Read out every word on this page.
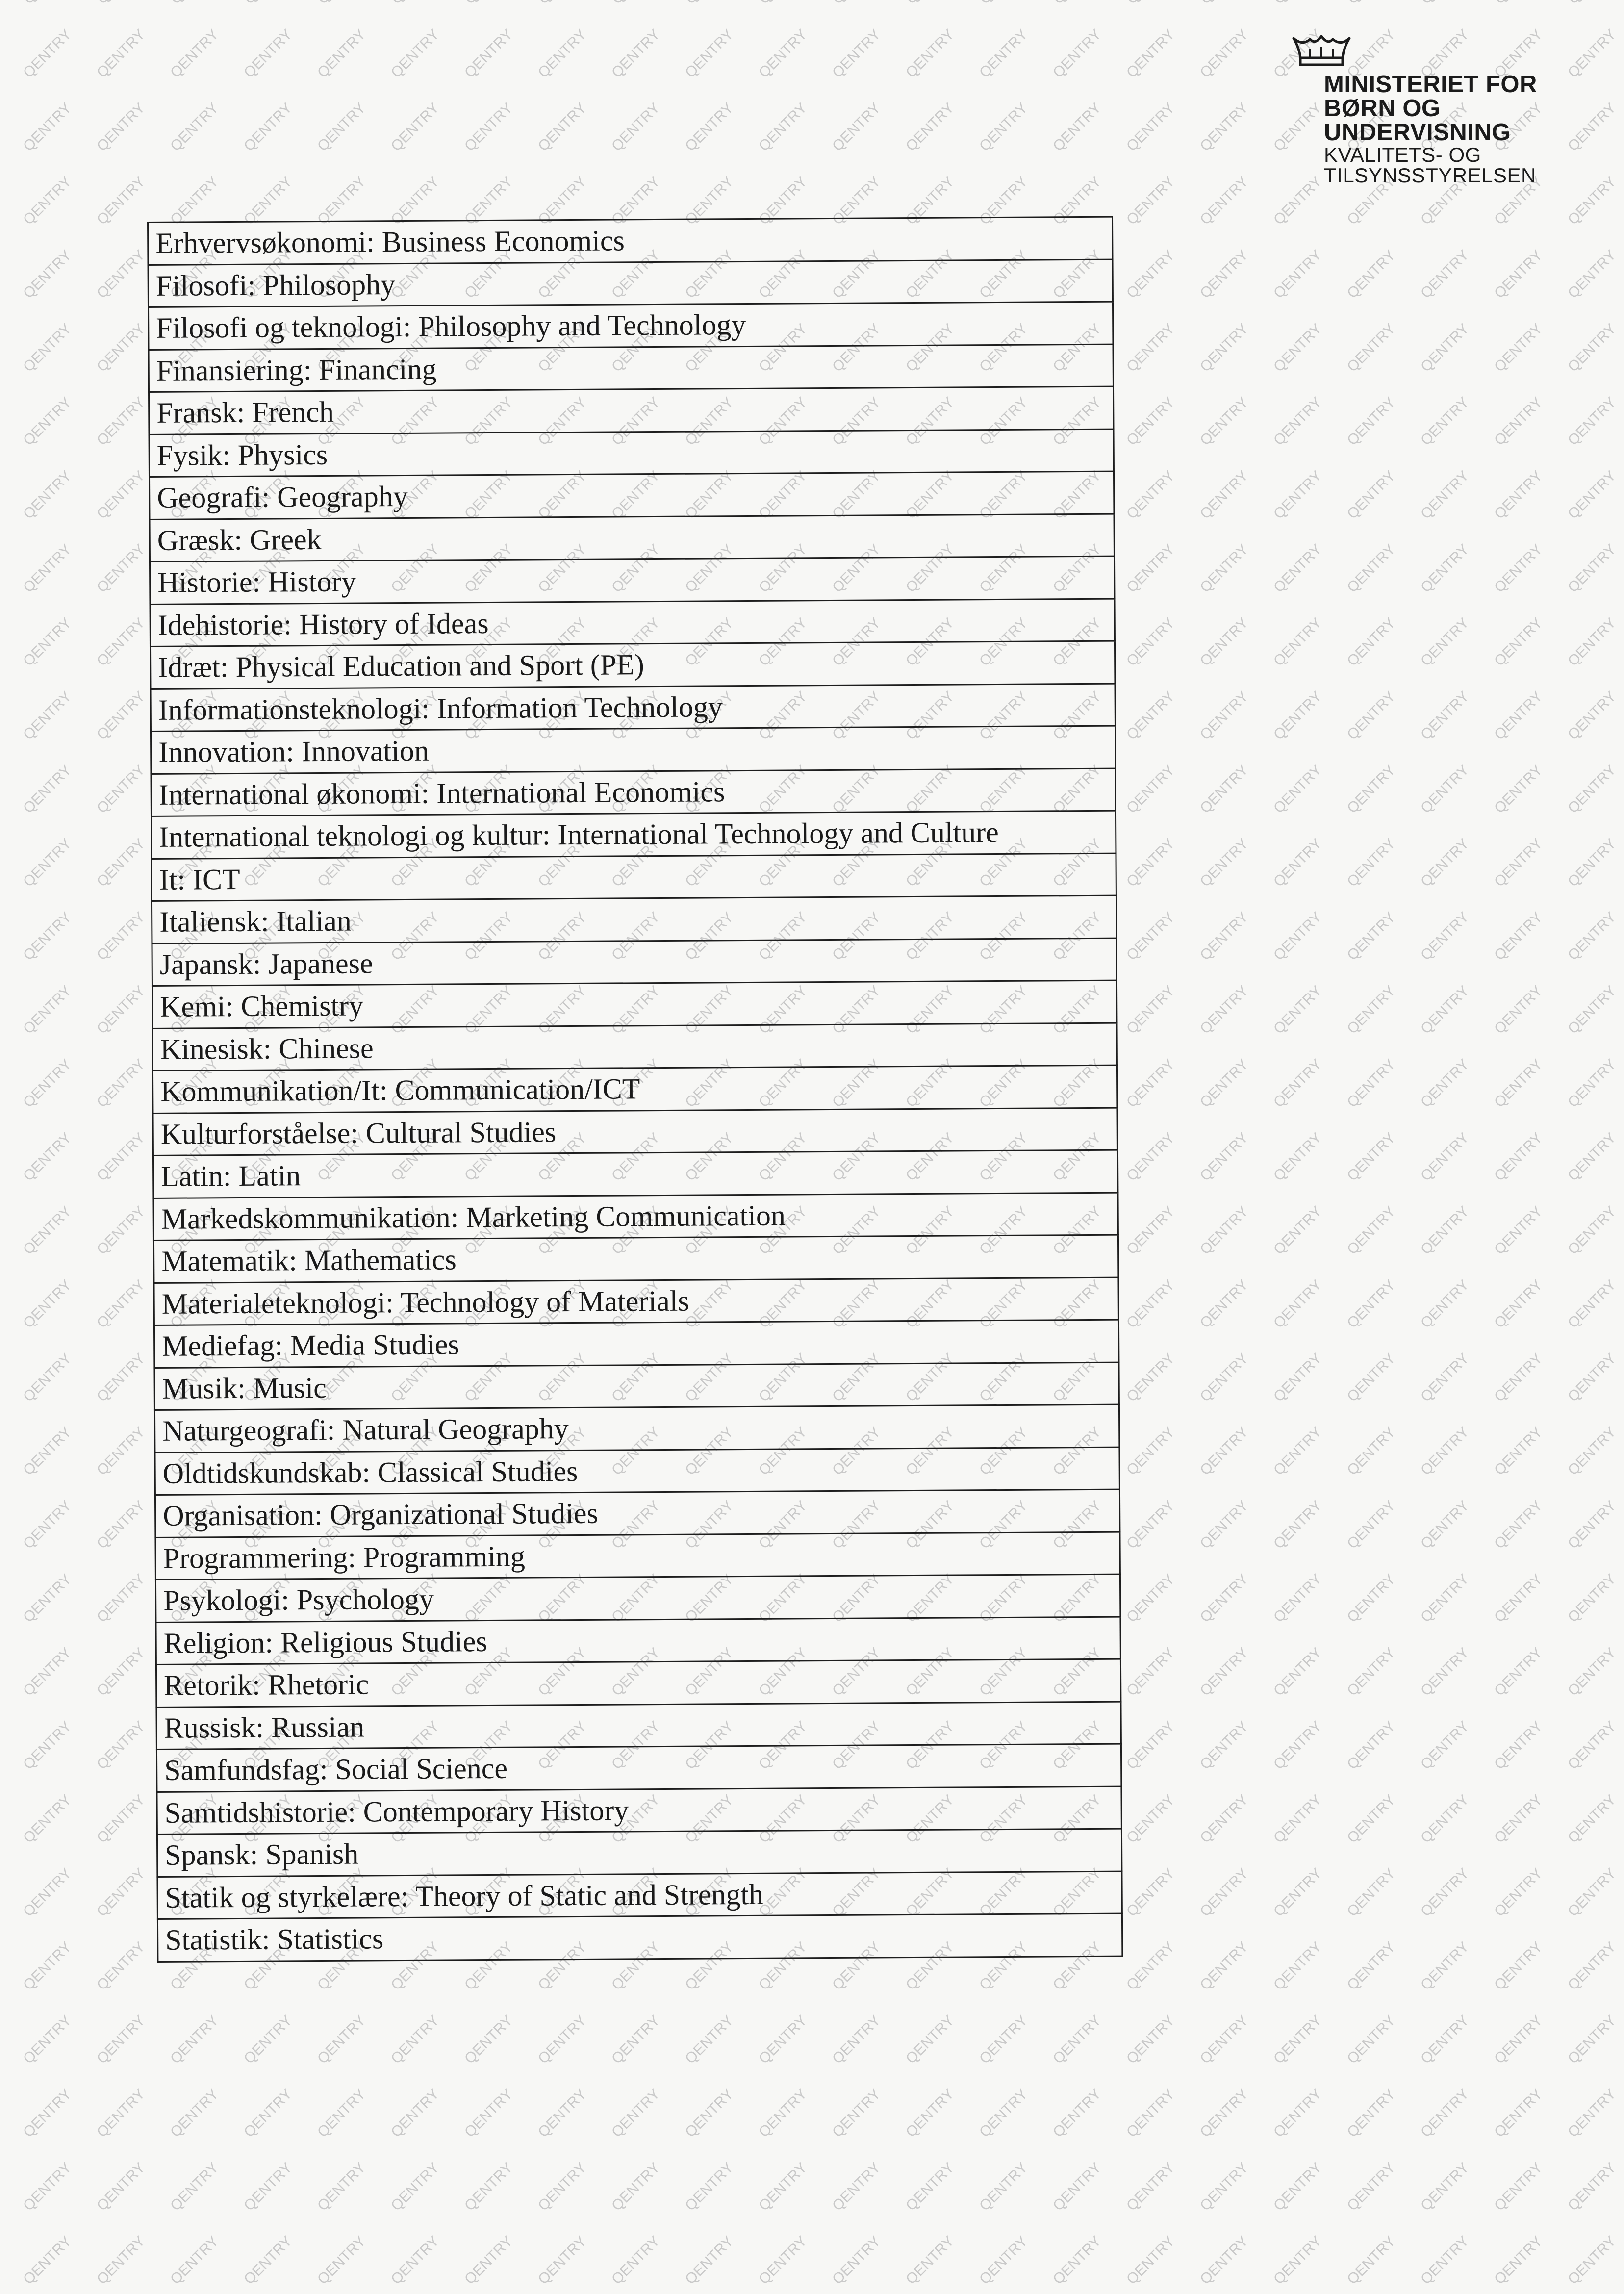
MINISTERIET FOR BØRN OG UNDERVISNING
KVALITETS- OG TILSYNSSTYRELSEN
Erhvervsøkonomi: Business Economics
Filosofi: Philosophy
Filosofi og teknologi: Philosophy and Technology
Finansiering: Financing
Fransk: French
Fysik: Physics
Geografi: Geography
Græsk: Greek
Historie: History
Idehistorie: History of Ideas
Idræt: Physical Education and Sport (PE)
Informationsteknologi: Information Technology
Innovation: Innovation
International økonomi: International Economics
International teknologi og kultur: International Technology and Culture
It: ICT
Italiensk: Italian
Japansk: Japanese
Kemi: Chemistry
Kinesisk: Chinese
Kommunikation/It: Communication/ICT
Kulturforståelse: Cultural Studies
Latin: Latin
Markedskommunikation: Marketing Communication
Matematik: Mathematics
Materialeteknologi: Technology of Materials
Mediefag: Media Studies
Musik: Music
Naturgeografi: Natural Geography
Oldtidskundskab: Classical Studies
Organisation: Organizational Studies
Programmering: Programming
Psykologi: Psychology
Religion: Religious Studies
Retorik: Rhetoric
Russisk: Russian
Samfundsfag: Social Science
Samtidshistorie: Contemporary History
Spansk: Spanish
Statik og styrkelære: Theory of Static and Strength
Statistik: Statistics
